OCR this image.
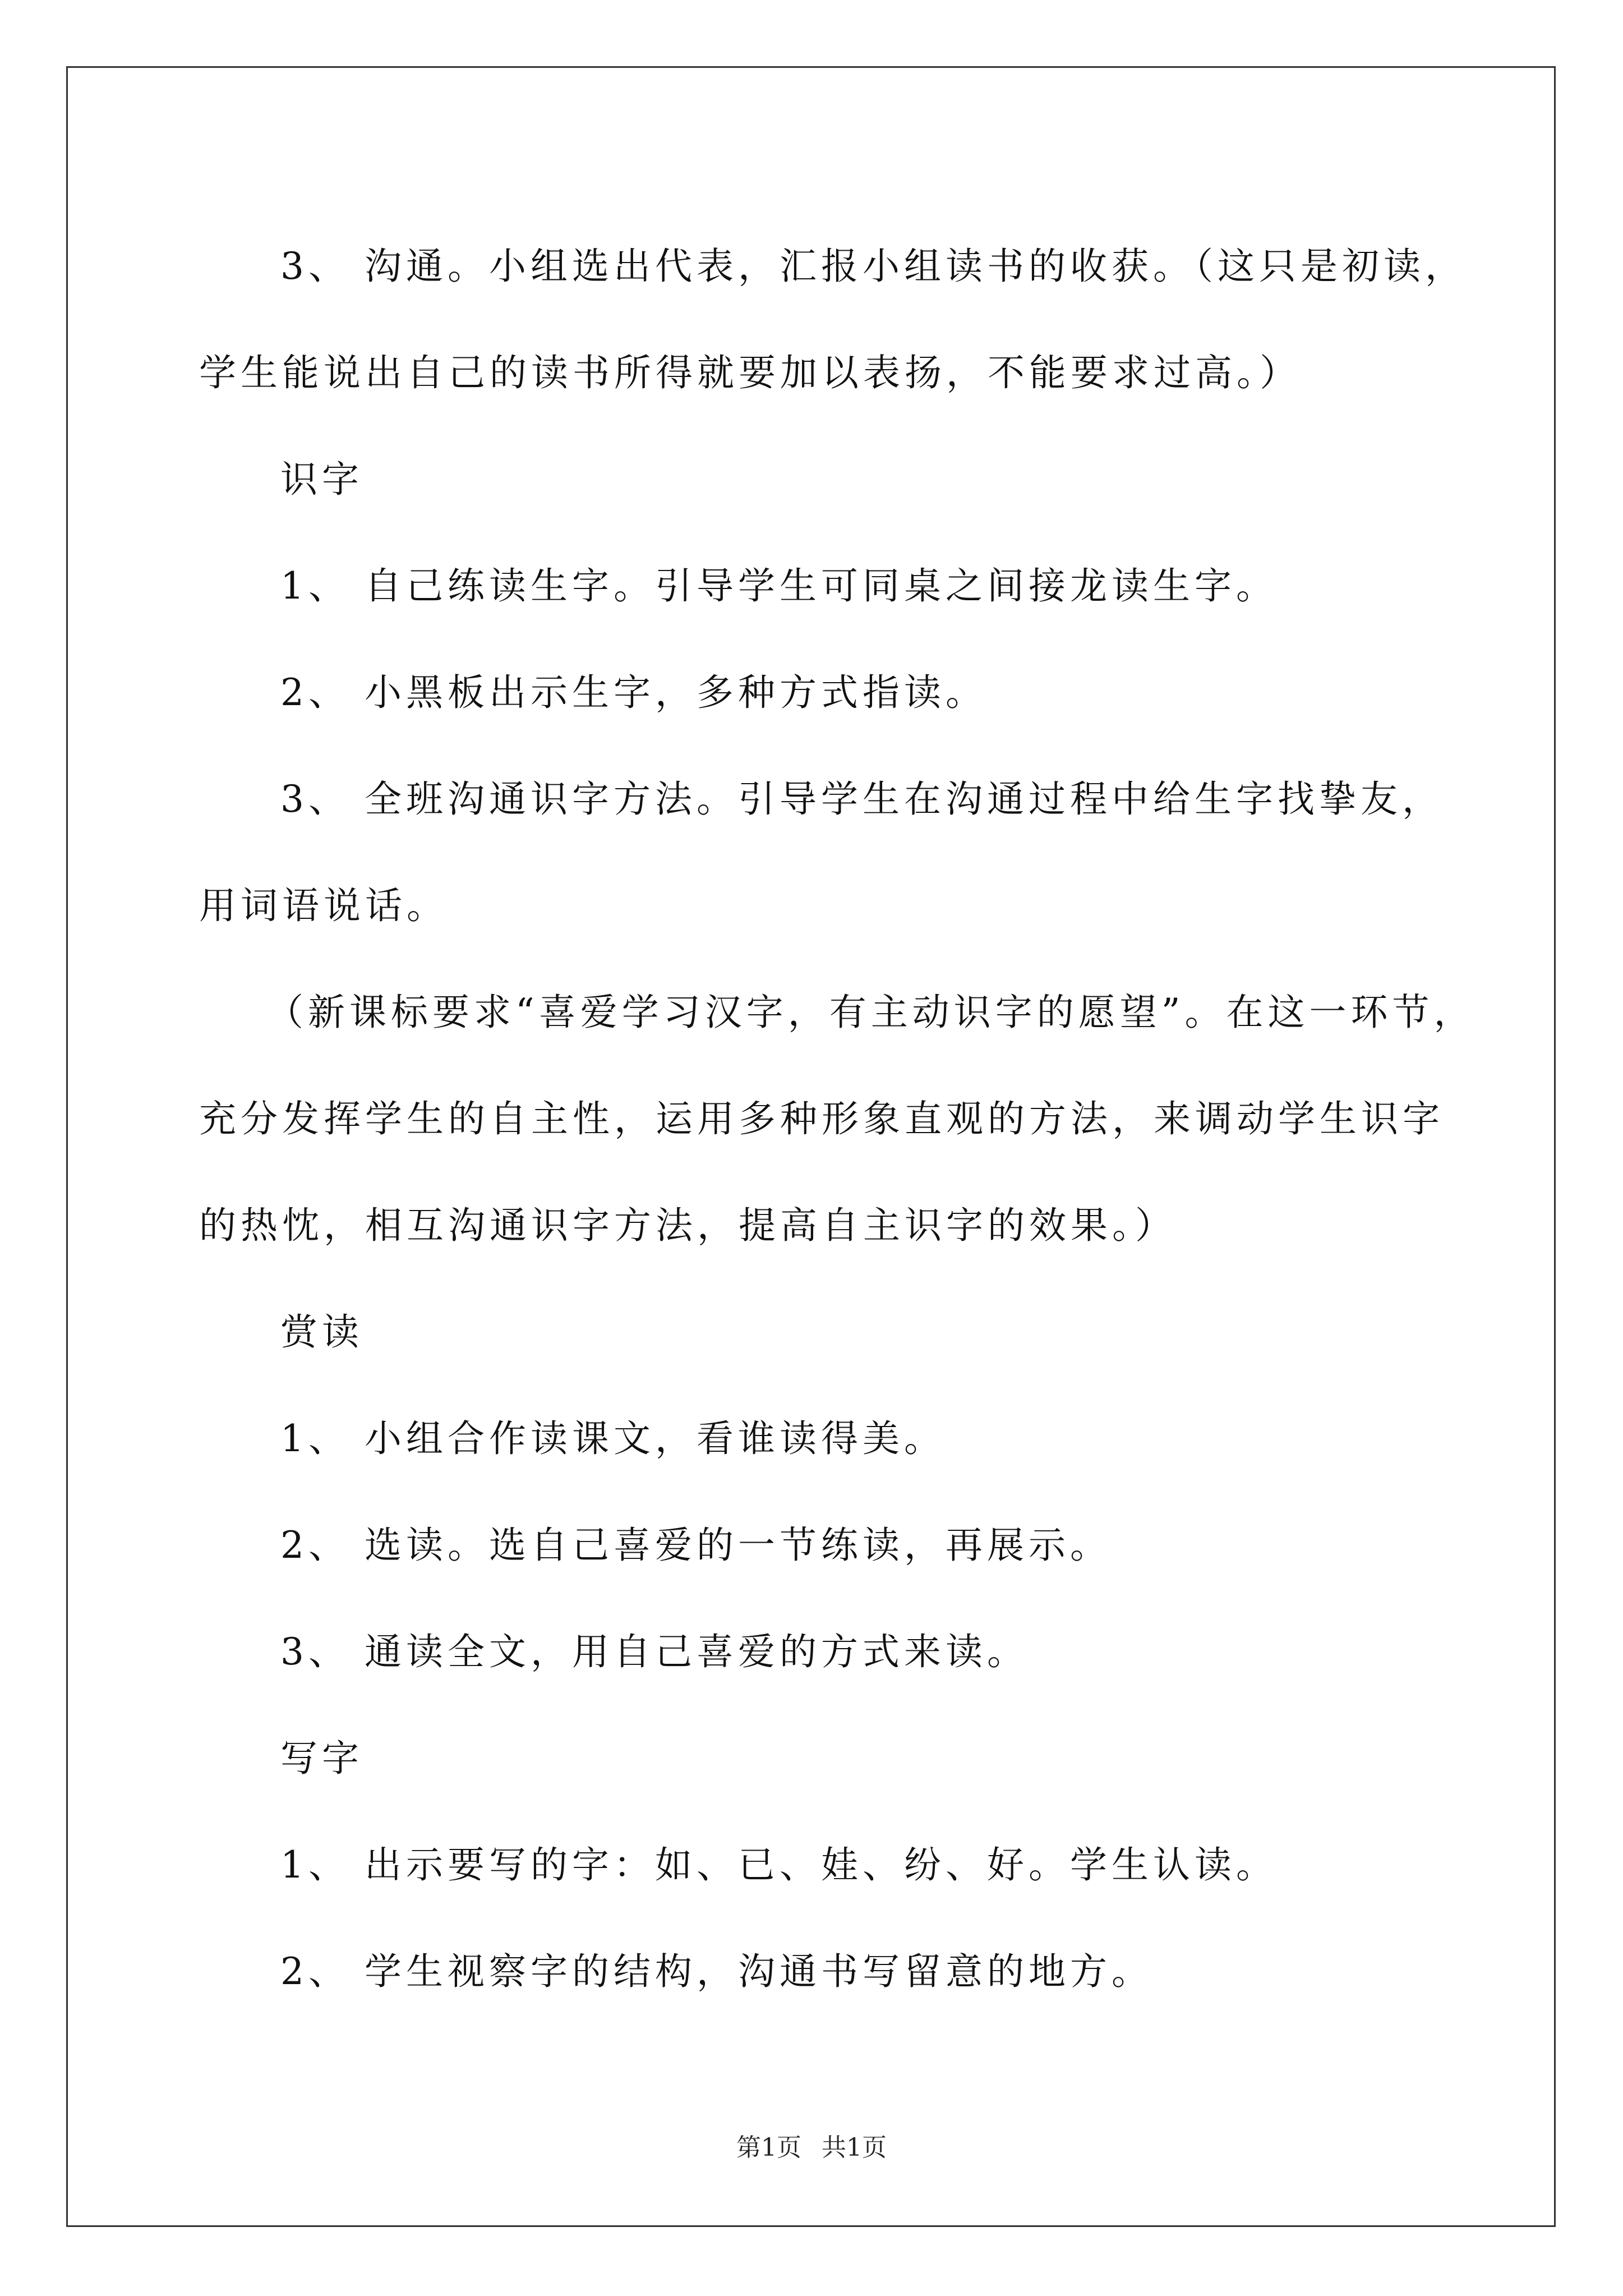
3、 沟通。小组选出代表，汇报小组读书的收获。（这只是初读，

学生能说出自己的读书所得就要加以表扬，不能要求过高。）

识字

1、 自己练读生字。引导学生可同桌之间接龙读生字。

2、 小黑板出示生字，多种方式指读。

3、 全班沟通识字方法。引导学生在沟通过程中给生字找挚友，

用词语说话。

（新课标要求“喜爱学习汉字，有主动识字的愿望”。在这一环节，

充分发挥学生的自主性，运用多种形象直观的方法，来调动学生识字

的热忱，相互沟通识字方法，提高自主识字的效果。）

赏读

1、 小组合作读课文，看谁读得美。

2、 选读。选自己喜爱的一节练读，再展示。

3、 通读全文，用自己喜爱的方式来读。

写字

1、 出示要写的字：如、已、娃、纷、好。学生认读。

2、 学生视察字的结构，沟通书写留意的地方。

第1页 共1页
